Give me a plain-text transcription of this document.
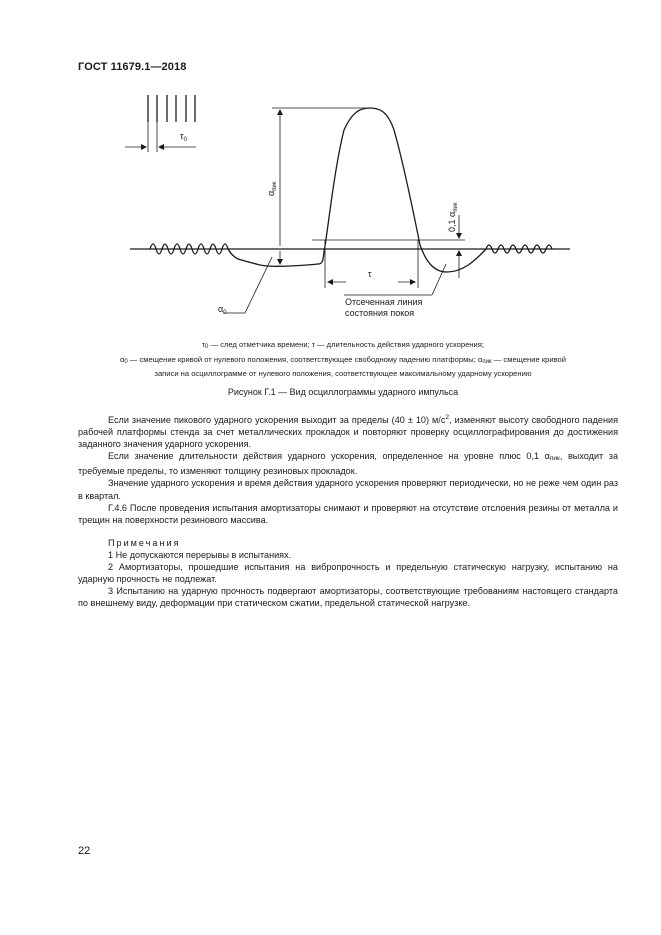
ГОСТ 11679.1—2018
$\tau_0$
$\alpha_{пик}$
0,1 $\alpha_{пик}$
τ
Отсеченная линия
состояния покоя
$\alpha_0$
τ0 — след отметчика времени; τ — длительность действия ударного ускорения;
α0 — смещение кривой от нулевого положения, соответствующее свободному падению платформы; αпик — смещение кривой
записи на осциллограмме от нулевого положения, соответствующее максимальному ударному ускорению
Рисунок Г.1 — Вид осциллограммы ударного импульса

Если значение пикового ударного ускорения выходит за пределы (40 ± 10) $м/с^2$, изменяют высоту свободного падения рабочей платформы стенда за счет металлических прокладок и повторяют проверку осциллографирования до достижения заданного значения ударного ускорения.

Если значение длительности действия ударного ускорения, определенное на уровне плюс 0,1 αпик, выходит за требуемые пределы, то изменяют толщину резиновых прокладок.

Значение ударного ускорения и время действия ударного ускорения проверяют периодически, но не реже чем один раз в квартал.

Г.4.6 После проведения испытания амортизаторы снимают и проверяют на отсутствие отслоения резины от металла и трещин на поверхности резинового массива.

Примечания

1 Не допускаются перерывы в испытаниях.

2 Амортизаторы, прошедшие испытания на вибропрочность и предельную статическую нагрузку, испытанию на ударную прочность не подлежат.

3 Испытанию на ударную прочность подвергают амортизаторы, соответствующие требованиям настоящего стандарта по внешнему виду, деформации при статическом сжатии, предельной статической нагрузке.

22
